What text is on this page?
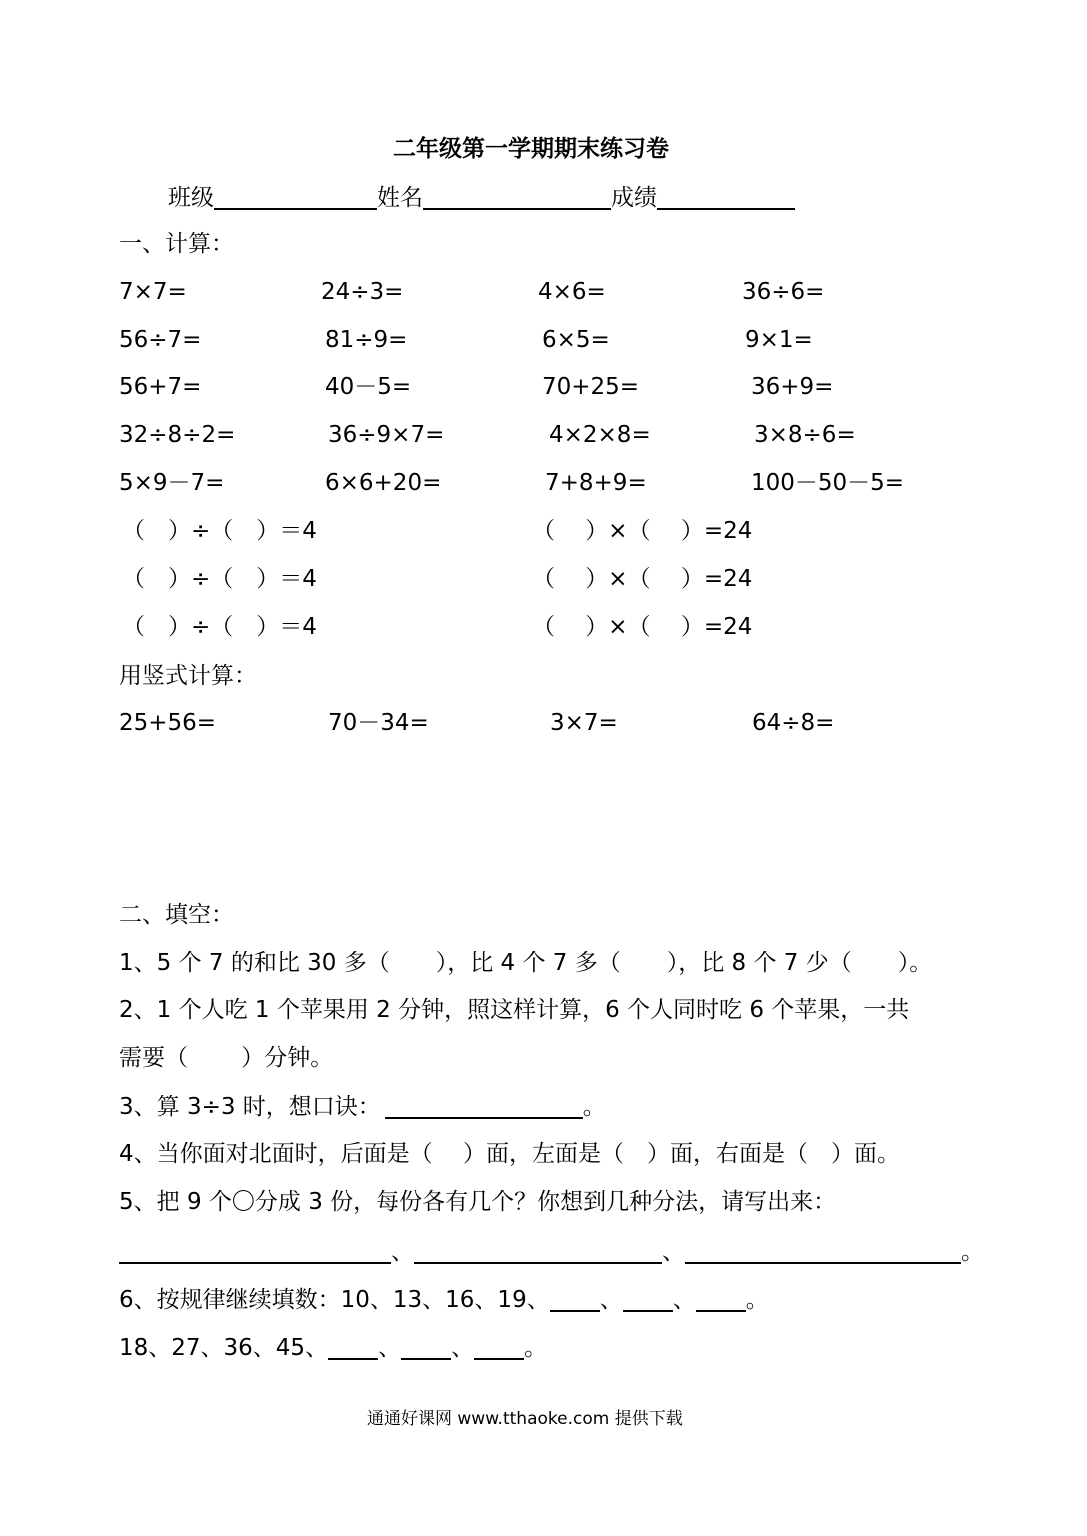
二年级第一学期期末练习卷
班级	姓名	成绩
一、计算：
7×7=	24÷3=	4×6=	36÷6=
56÷7=	81÷9=	6×5=	9×1=
56+7=	40－5=	70+25=	36+9=
32÷8÷2=	36÷9×7=	4×2×8=	3×8÷6=
5×9－7=	6×6+20=	7+8+9=	100－50－5=
（　）÷（　）＝4	（　 ）×（　 ）=24
（　）÷（　）＝4	（　 ）×（　 ）=24
（　）÷（　）＝4	（　 ）×（　 ）=24
用竖式计算：
25+56=	70－34=	3×7=	64÷8=
二、填空：
1、5 个 7 的和比 30 多（　　），比 4 个 7 多（　　），比 8 个 7 少（　　）。
2、1 个人吃 1 个苹果用 2 分钟，照这样计算，6 个人同时吃 6 个苹果，一共
需要（　　 ）分钟。
3、算 3÷3 时，想口诀：	。
4、当你面对北面时，后面是（　 ）面，左面是（　）面，右面是（　）面。
5、把 9 个〇分成 3 份，每份各有几个？你想到几种分法，请写出来：
、	、	。
6、按规律继续填数：10、13、16、19、 、 、 。
18、27、36、45、 、 、 。
通通好课网 www.tthaoke.com 提供下载
